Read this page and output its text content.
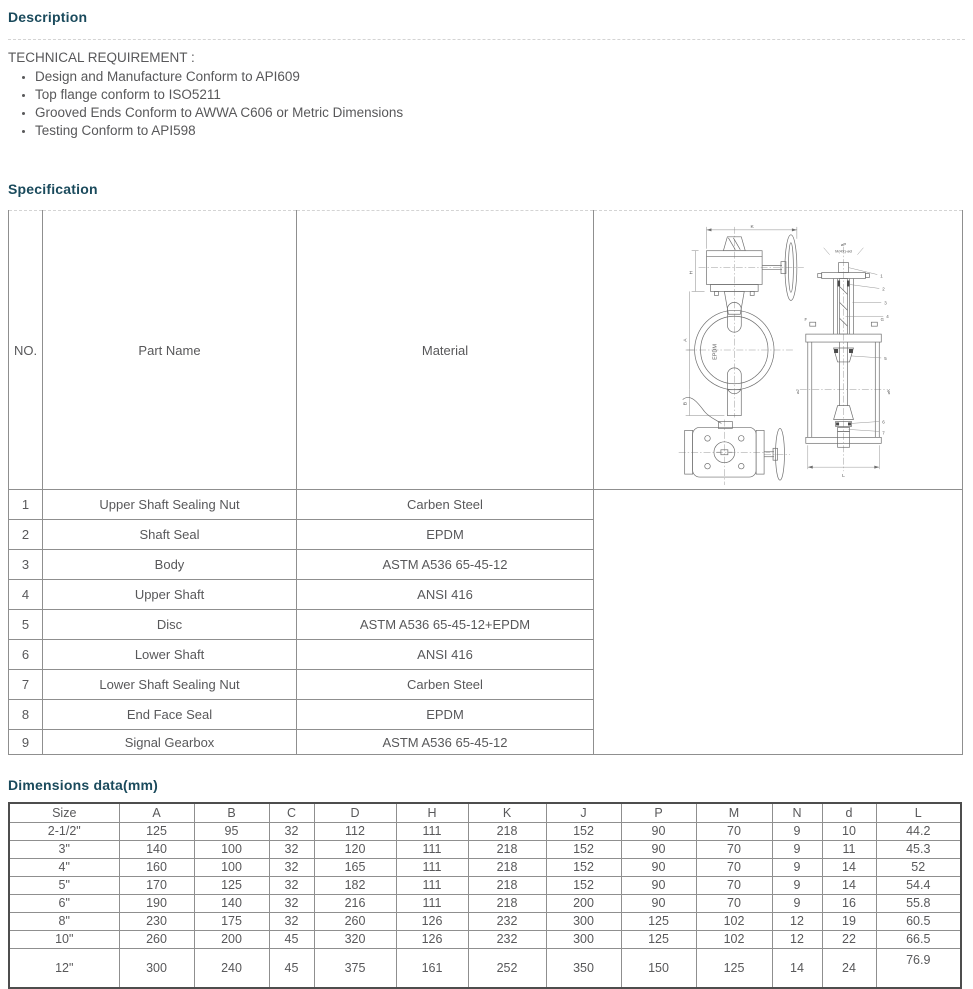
Description

TECHNICAL REQUIREMENT :

• Design and Manufacture Conform to API609
• Top flange conform to ISO5211
• Grooved Ends Conform to AWWA C606 or Metric Dimensions
• Testing Conform to API598
Specification
NO.	Part Name	Material	
K
H
A
B
EPDM
1
2
3
4
5
6
7
⌀P
M(4X)-⌀d
F	G
⌀K
⌀J
L

1	Upper Shaft Sealing Nut	Carben Steel	
2	Shaft Seal	EPDM	
3	Body	ASTM A536 65-45-12	
4	Upper Shaft	ANSI 416	
5	Disc	ASTM A536 65-45-12+EPDM	
6	Lower Shaft	ANSI 416	
7	Lower Shaft Sealing Nut	Carben Steel	
8	End Face Seal	EPDM	
9	Signal Gearbox	ASTM A536 65-45-12	
Dimensions data(mm)
Size	A	B	C	D	H	K	J	P	M	N	d	L
2-1/2"	125	95	32	112	111	218	152	90	70	9	10	44.2
3"	140	100	32	120	111	218	152	90	70	9	11	45.3
4"	160	100	32	165	111	218	152	90	70	9	14	52
5"	170	125	32	182	111	218	152	90	70	9	14	54.4
6"	190	140	32	216	111	218	200	90	70	9	16	55.8
8"	230	175	32	260	126	232	300	125	102	12	19	60.5
10"	260	200	45	320	126	232	300	125	102	12	22	66.5
12"	300	240	45	375	161	252	350	150	125	14	24	76.9
